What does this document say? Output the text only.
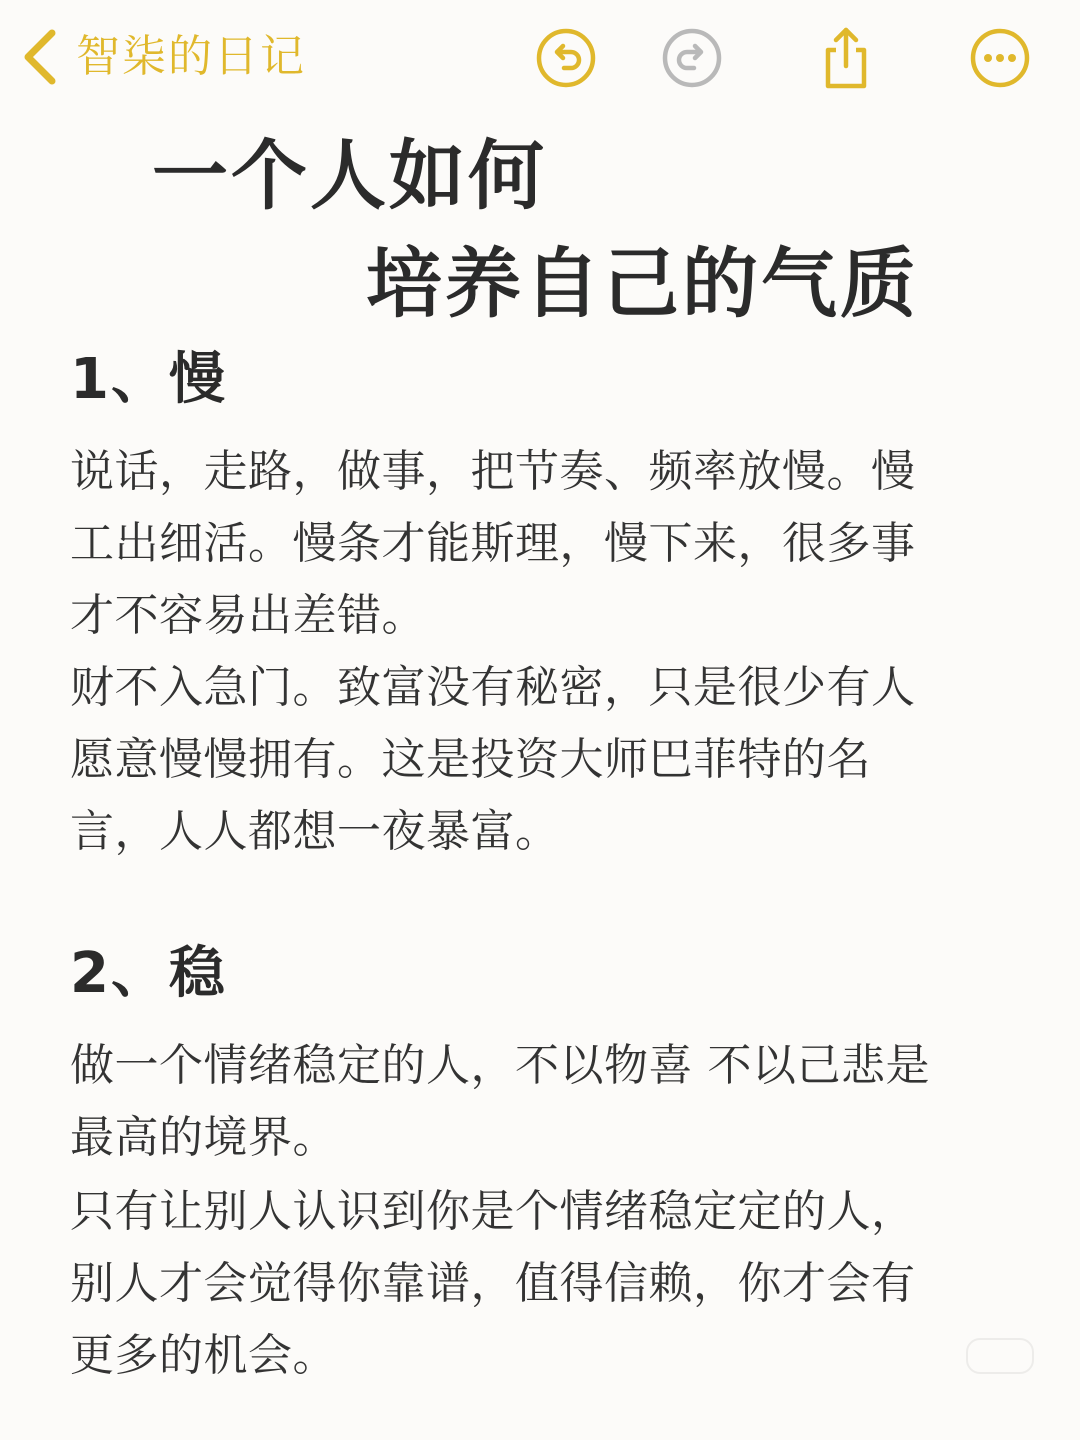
智柒的日记
一个人如何
培养自己的气质
1、慢

说话，走路，做事，把节奏、频率放慢。慢
工出细活。慢条才能斯理，慢下来，很多事
才不容易出差错。

财不入急门。致富没有秘密，只是很少有人
愿意慢慢拥有。这是投资大师巴菲特的名
言，人人都想一夜暴富。

2、稳

做一个情绪稳定的人，不以物喜 不以己悲是
最高的境界。

只有让别人认识到你是个情绪稳定定的人，
别人才会觉得你靠谱，值得信赖，你才会有
更多的机会。
